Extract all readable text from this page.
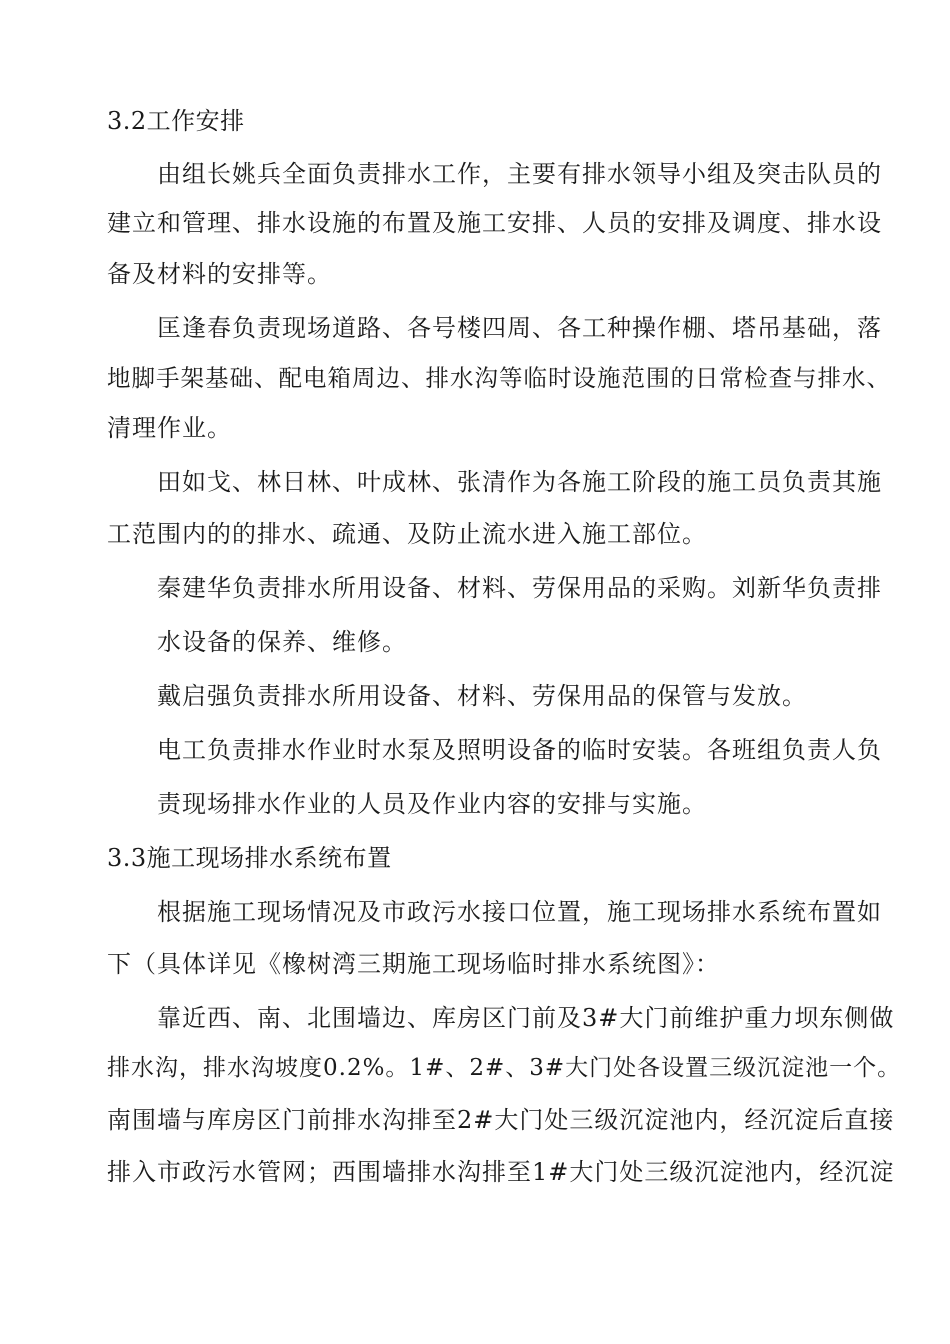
3.2工作安排
由组长姚兵全面负责排水工作，主要有排水领导小组及突击队员的
建立和管理、排水设施的布置及施工安排、人员的安排及调度、排水设
备及材料的安排等。
匡逢春负责现场道路、各号楼四周、各工种操作棚、塔吊基础，落
地脚手架基础、配电箱周边、排水沟等临时设施范围的日常检查与排水、
清理作业。
田如戈、林日林、叶成林、张清作为各施工阶段的施工员负责其施
工范围内的的排水、疏通、及防止流水进入施工部位。
秦建华负责排水所用设备、材料、劳保用品的采购。刘新华负责排
水设备的保养、维修。
戴启强负责排水所用设备、材料、劳保用品的保管与发放。
电工负责排水作业时水泵及照明设备的临时安装。各班组负责人负
责现场排水作业的人员及作业内容的安排与实施。
3.3施工现场排水系统布置
根据施工现场情况及市政污水接口位置，施工现场排水系统布置如
下（具体详见《橡树湾三期施工现场临时排水系统图》：
靠近西、南、北围墙边、库房区门前及3#大门前维护重力坝东侧做
排水沟，排水沟坡度0.2%。1#、2#、3#大门处各设置三级沉淀池一个。
南围墙与库房区门前排水沟排至2#大门处三级沉淀池内，经沉淀后直接
排入市政污水管网；西围墙排水沟排至1#大门处三级沉淀池内，经沉淀
